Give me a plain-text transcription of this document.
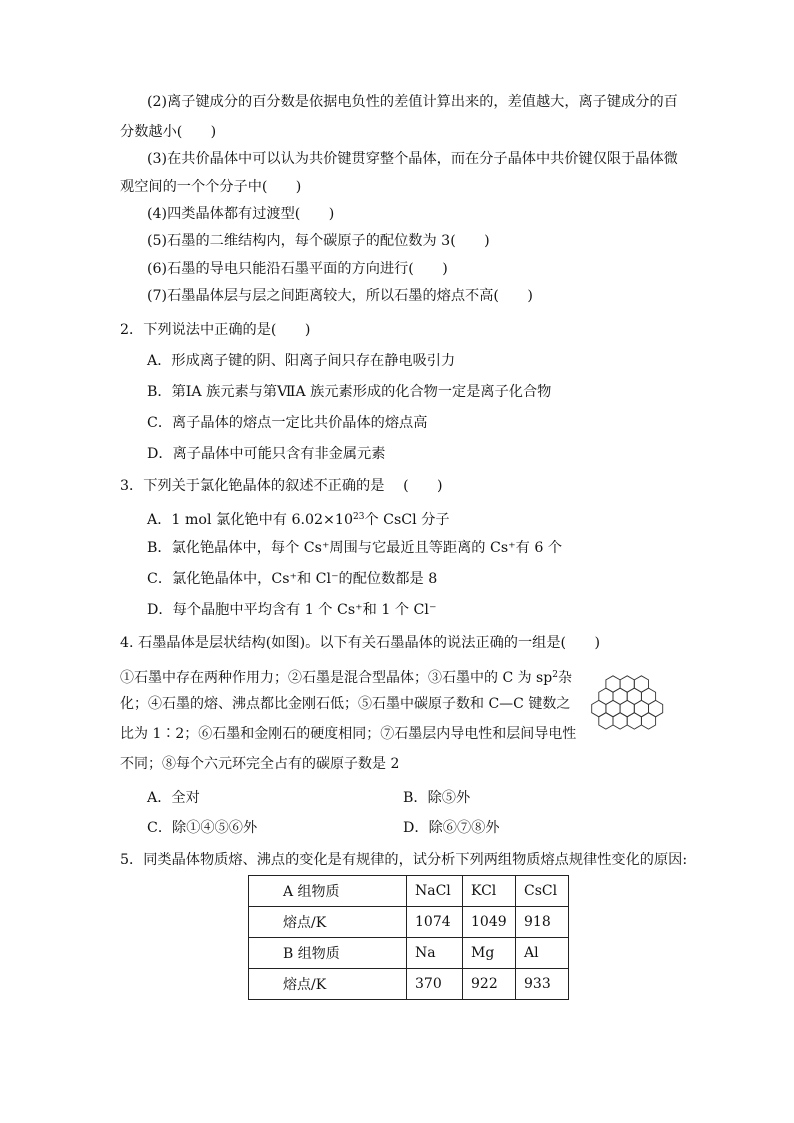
(2)离子键成分的百分数是依据电负性的差值计算出来的，差值越大，离子键成分的百
分数越小(　　)
(3)在共价晶体中可以认为共价键贯穿整个晶体，而在分子晶体中共价键仅限于晶体微
观空间的一个个分子中(　　)
(4)四类晶体都有过渡型(　　)
(5)石墨的二维结构内，每个碳原子的配位数为 3(　　)
(6)石墨的导电只能沿石墨平面的方向进行(　　)
(7)石墨晶体层与层之间距离较大，所以石墨的熔点不高(　　)
2．下列说法中正确的是(　　)
A．形成离子键的阴、阳离子间只存在静电吸引力
B．第ⅠA 族元素与第ⅦA 族元素形成的化合物一定是离子化合物
C．离子晶体的熔点一定比共价晶体的熔点高
D．离子晶体中可能只含有非金属元素
3．下列关于氯化铯晶体的叙述不正确的是　 (　　)
A．1 mol 氯化铯中有 $6.02\times 10^{23}$个 CsCl 分子
B．氯化铯晶体中，每个 Cs⁺周围与它最近且等距离的 Cs⁺有 6 个
C．氯化铯晶体中，Cs⁺和 Cl⁻的配位数都是 8
D．每个晶胞中平均含有 1 个 Cs⁺和 1 个 Cl⁻
4. 石墨晶体是层状结构(如图)。以下有关石墨晶体的说法正确的一组是(　　)
①石墨中存在两种作用力；②石墨是混合型晶体；③石墨中的 C 为 $sp^2$杂
化；④石墨的熔、沸点都比金刚石低；⑤石墨中碳原子数和 C—C 键数之
比为 1∶2；⑥石墨和金刚石的硬度相同；⑦石墨层内导电性和层间导电性
不同；⑧每个六元环完全占有的碳原子数是 2
A．全对	B．除⑤外
C．除①④⑤⑥外	D．除⑥⑦⑧外
5．同类晶体物质熔、沸点的变化是有规律的，试分析下列两组物质熔点规律性变化的原因:
A 组物质	NaCl	KCl	CsCl
熔点/K	1074	1049	918
B 组物质	Na	Mg	Al
熔点/K	370	922	933
